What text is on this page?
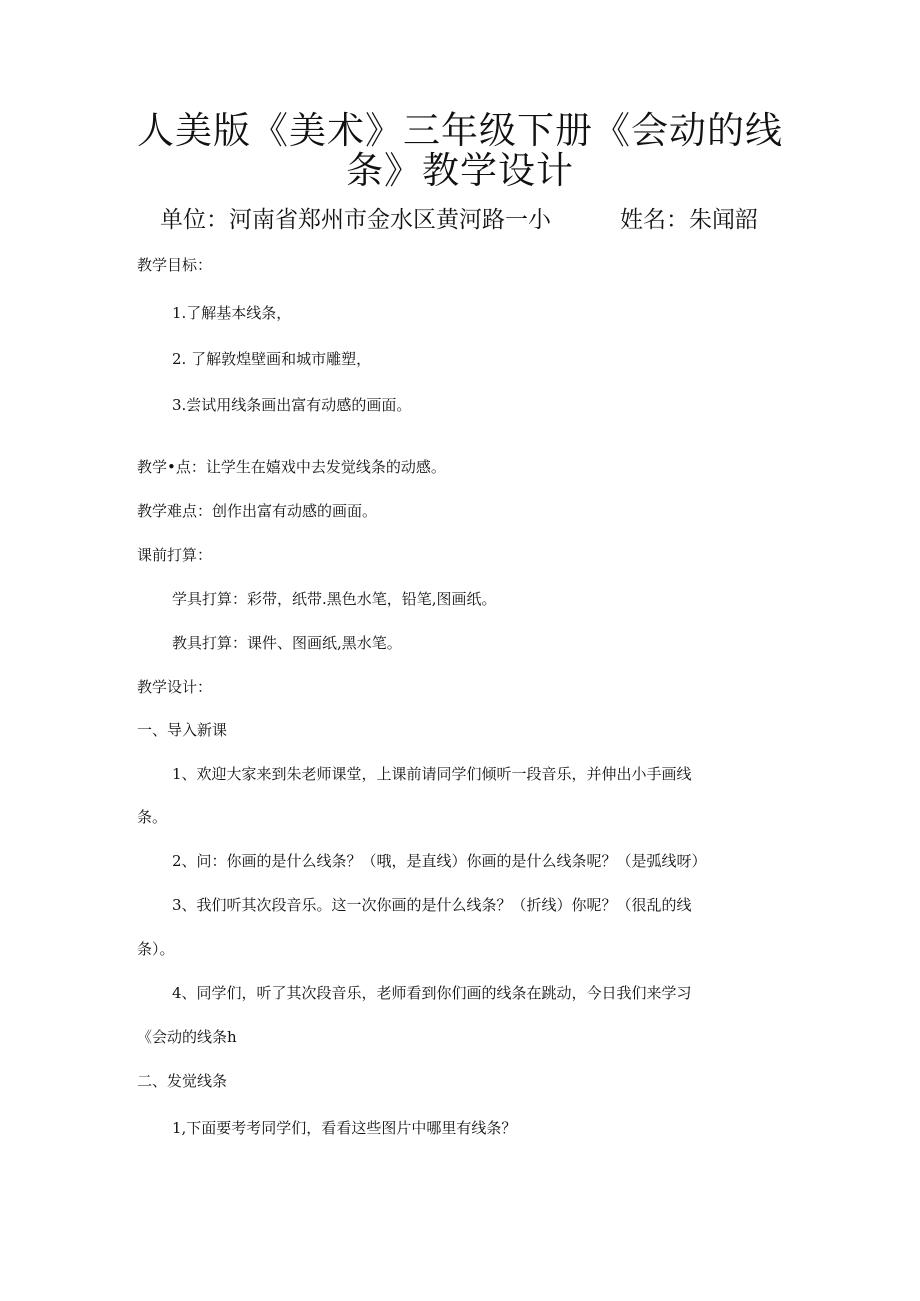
人美版《美术》三年级下册《会动的线
条》教学设计
单位：河南省郑州市金水区黄河路一小	姓名：朱闻韶
教学目标：
1.了解基本线条，
2. 了解敦煌壁画和城市雕塑，
3.尝试用线条画出富有动感的画面。
教学•点：让学生在嬉戏中去发觉线条的动感。
教学难点：创作出富有动感的画面。
课前打算：
学具打算：彩带，纸带.黑色水笔，铅笔,图画纸。
教具打算：课件、图画纸,黑水笔。
教学设计：
一、导入新课
1、欢迎大家来到朱老师课堂，上课前请同学们倾听一段音乐，并伸出小手画线
条。
2、问：你画的是什么线条？（哦，是直线）你画的是什么线条呢？（是弧线呀）
3、我们听其次段音乐。这一次你画的是什么线条？（折线）你呢？（很乱的线
条）。
4、同学们，听了其次段音乐，老师看到你们画的线条在跳动，今日我们来学习
《会动的线条h
二、发觉线条
1,下面要考考同学们，看看这些图片中哪里有线条？
